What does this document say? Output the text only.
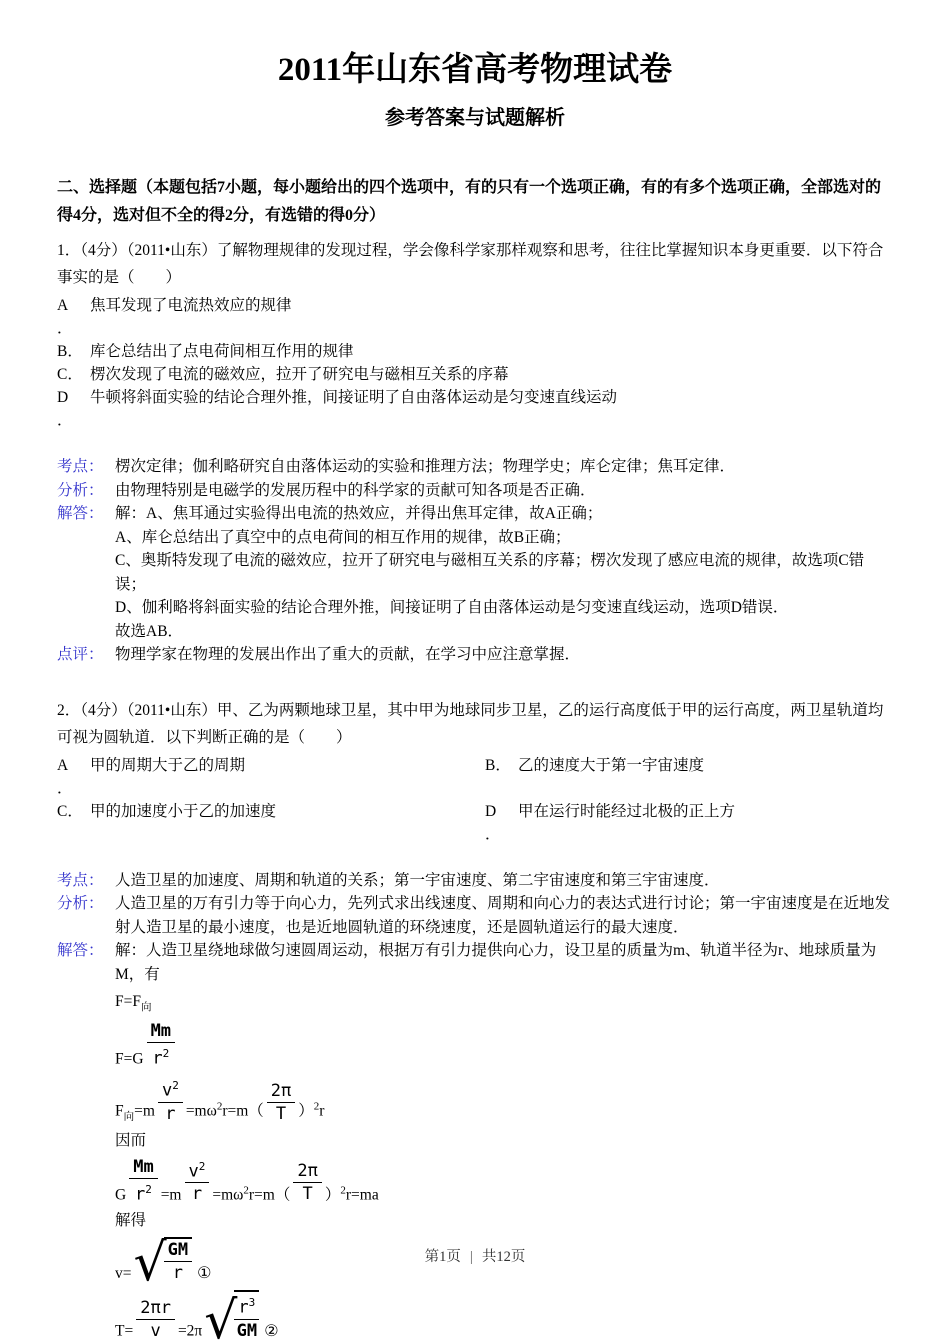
2011年山东省高考物理试卷
参考答案与试题解析

二、选择题（本题包括7小题，每小题给出的四个选项中，有的只有一个选项正确，有的有多个选项正确，全部选对的得4分，选对但不全的得2分，有选错的得0分）

1．（4分）（2011•山东）了解物理规律的发现过程，学会像科学家那样观察和思考，往往比掌握知识本身更重要．以下符合事实的是（　　）

A	焦耳发现了电流热效应的规律
．
B． 库仑总结出了点电荷间相互作用的规律
C． 楞次发现了电流的磁效应，拉开了研究电与磁相互关系的序幕
D	牛顿将斜面实验的结论合理外推，间接证明了自由落体运动是匀变速直线运动
．
考点： 楞次定律；伽利略研究自由落体运动的实验和推理方法；物理学史；库仑定律；焦耳定律．
分析： 由物理特别是电磁学的发展历程中的科学家的贡献可知各项是否正确．
解答： 解：A、焦耳通过实验得出电流的热效应，并得出焦耳定律，故A正确；
A、库仑总结出了真空中的点电荷间的相互作用的规律，故B正确；
C、奥斯特发现了电流的磁效应，拉开了研究电与磁相互关系的序幕；楞次发现了感应电流的规律，故选项C错误；
D、伽利略将斜面实验的结论合理外推，间接证明了自由落体运动是匀变速直线运动，选项D错误．
故选AB．
点评： 物理学家在物理的发展出作出了重大的贡献，在学习中应注意掌握．

2．（4分）（2011•山东）甲、乙为两颗地球卫星，其中甲为地球同步卫星，乙的运行高度低于甲的运行高度，两卫星轨道均可视为圆轨道．以下判断正确的是（　　）

A	甲的周期大于乙的周期	B． 乙的速度大于第一宇宙速度
．
C． 甲的加速度小于乙的加速度	D	甲在运行时能经过北极的正上方
．
考点： 人造卫星的加速度、周期和轨道的关系；第一宇宙速度、第二宇宙速度和第三宇宙速度．
分析： 人造卫星的万有引力等于向心力，先列式求出线速度、周期和向心力的表达式进行讨论；第一宇宙速度是在近地发射人造卫星的最小速度，也是近地圆轨道的环绕速度，还是圆轨道运行的最大速度．
解答： 解：人造卫星绕地球做匀速圆周运动，根据万有引力提供向心力，设卫星的质量为m、轨道半径为r、地球质量为M，有
$F=F_向$
$F=G \frac{Mm}{r^2}$
$F_向=m \frac{v^2}{r} =m\omega^2r=m( \frac{2\pi}{T} )^2r$
因而
G $\frac{Mm}{r^2} =m \frac{v^2}{r} =m\omega^2r=m( \frac{2\pi}{T} )^2r=ma$
解得
v= √
$\frac{GM}{r}$ ①
$T= \frac{2\pi r}{v} =2\pi$ √
$\frac{r^3}{GM}$ ②
第1页 | 共12页
